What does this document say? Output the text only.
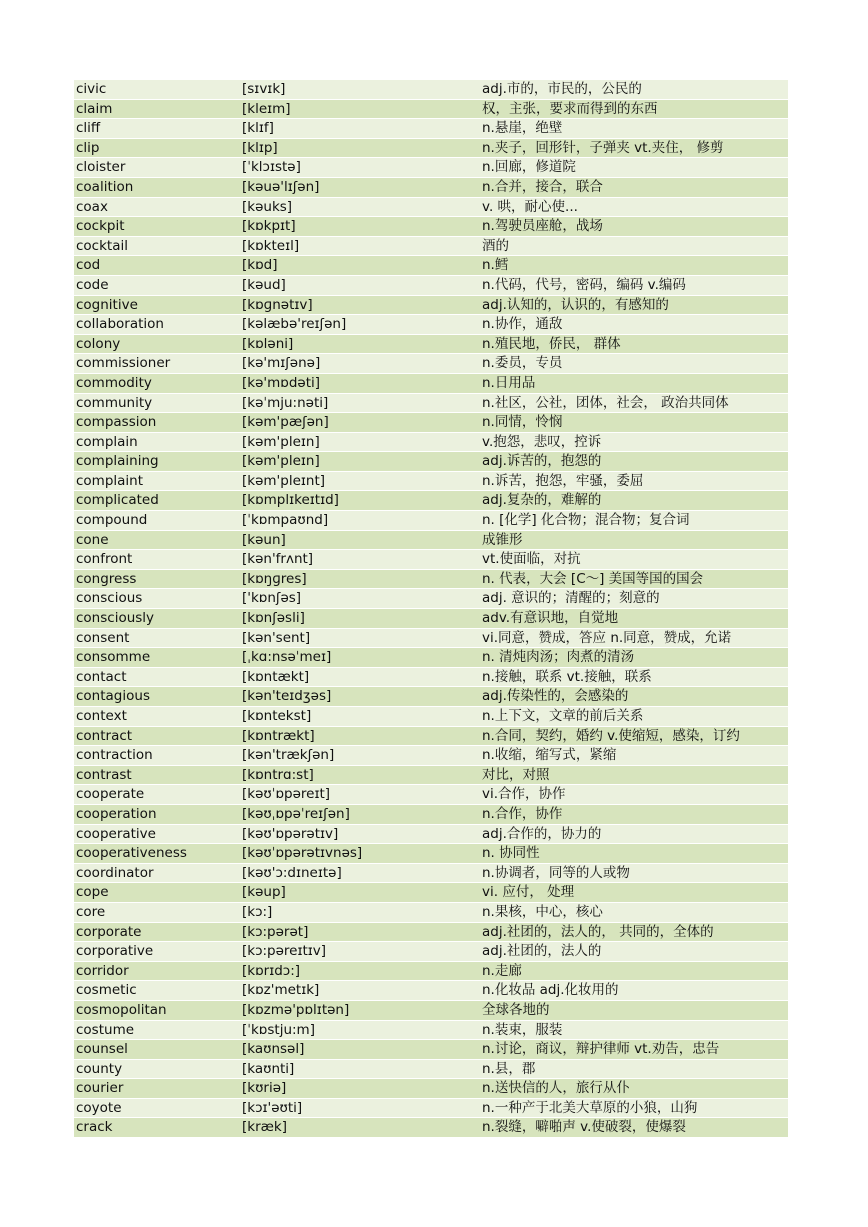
civic	[sɪvɪk]	adj.市的，市民的，公民的
claim	[kleɪm]	权，主张，要求而得到的东西
cliff	[klɪf]	n.悬崖，绝壁
clip	[klɪp]	n.夹子，回形针，子弹夹 vt.夹住， 修剪
cloister	[ˈklɔɪstə]	n.回廊，修道院
coalition	[kəuə'lɪʃən]	n.合并，接合，联合
coax	[kəuks]	v. 哄，耐心使...
cockpit	[kɒkpɪt]	n.驾驶员座舱，战场
cocktail	[kɒkteɪl]	酒的
cod	[kɒd]	n.鳕
code	[kəud]	n.代码，代号，密码，编码 v.编码
cognitive	[kɒɡnətɪv]	adj.认知的，认识的，有感知的
collaboration	[kəlæbə'reɪʃən]	n.协作，通敌
colony	[kɒləni]	n.殖民地，侨民， 群体
commissioner	[kə'mɪʃənə]	n.委员，专员
commodity	[kə'mɒdəti]	n.日用品
community	[kəˈmju:nəti]	n.社区，公社，团体，社会， 政治共同体
compassion	[kəm'pæʃən]	n.同情，怜悯
complain	[kəm'pleɪn]	v.抱怨，悲叹，控诉
complaining	[kəm'pleɪn]	adj.诉苦的，抱怨的
complaint	[kəm'pleɪnt]	n.诉苦，抱怨，牢骚，委屈
complicated	[kɒmplɪkeɪtɪd]	adj.复杂的，难解的
compound	[ˈkɒmpaʊnd]	n. [化学] 化合物；混合物；复合词
cone	[kəun]	成锥形
confront	[kən'frʌnt]	vt.使面临，对抗
congress	[kɒŋɡres]	n. 代表，大会 [C～] 美国等国的国会
conscious	['kɒnʃəs]	adj. 意识的；清醒的；刻意的
consciously	[kɒnʃəsli]	adv.有意识地，自觉地
consent	[kən'sent]	vi.同意，赞成，答应 n.同意，赞成，允诺
consomme	[ˌkɑ:nsəˈmeɪ]	n. 清炖肉汤；肉煮的清汤
contact	[kɒntækt]	n.接触，联系 vt.接触，联系
contagious	[kən'teɪdʒəs]	adj.传染性的，会感染的
context	[kɒntekst]	n.上下文，文章的前后关系
contract	[kɒntrækt]	n.合同，契约，婚约 v.使缩短，感染，订约
contraction	[kən'trækʃən]	n.收缩，缩写式，紧缩
contrast	[kɒntrɑ:st]	对比，对照
cooperate	[kəʊˈɒpəreɪt]	vi.合作，协作
cooperation	[kəʊˌɒpəˈreɪʃən]	n.合作，协作
cooperative	[kəʊ'ɒpərətɪv]	adj.合作的，协力的
cooperativeness	[kəʊˈɒpərətɪvnəs]	n. 协同性
coordinator	[kəʊ'ɔ:dɪneɪtə]	n.协调者，同等的人或物
cope	[kəup]	vi. 应付， 处理
core	[kɔ:]	n.果核，中心，核心
corporate	[kɔ:pərət]	adj.社团的，法人的， 共同的，全体的
corporative	[kɔ:pəreɪtɪv]	adj.社团的，法人的
corridor	[kɒrɪdɔ:]	n.走廊
cosmetic	[kɒz'metɪk]	n.化妆品 adj.化妆用的
cosmopolitan	[kɒzmə'pɒlɪtən]	全球各地的
costume	[ˈkɒstju:m]	n.装束，服装
counsel	[kaʊnsəl]	n.讨论，商议，辩护律师 vt.劝告，忠告
county	[kaʊnti]	n.县，郡
courier	[kʊriə]	n.送快信的人，旅行从仆
coyote	[kɔɪ'əʊti]	n.一种产于北美大草原的小狼，山狗
crack	[kræk]	n.裂缝，噼啪声 v.使破裂，使爆裂
